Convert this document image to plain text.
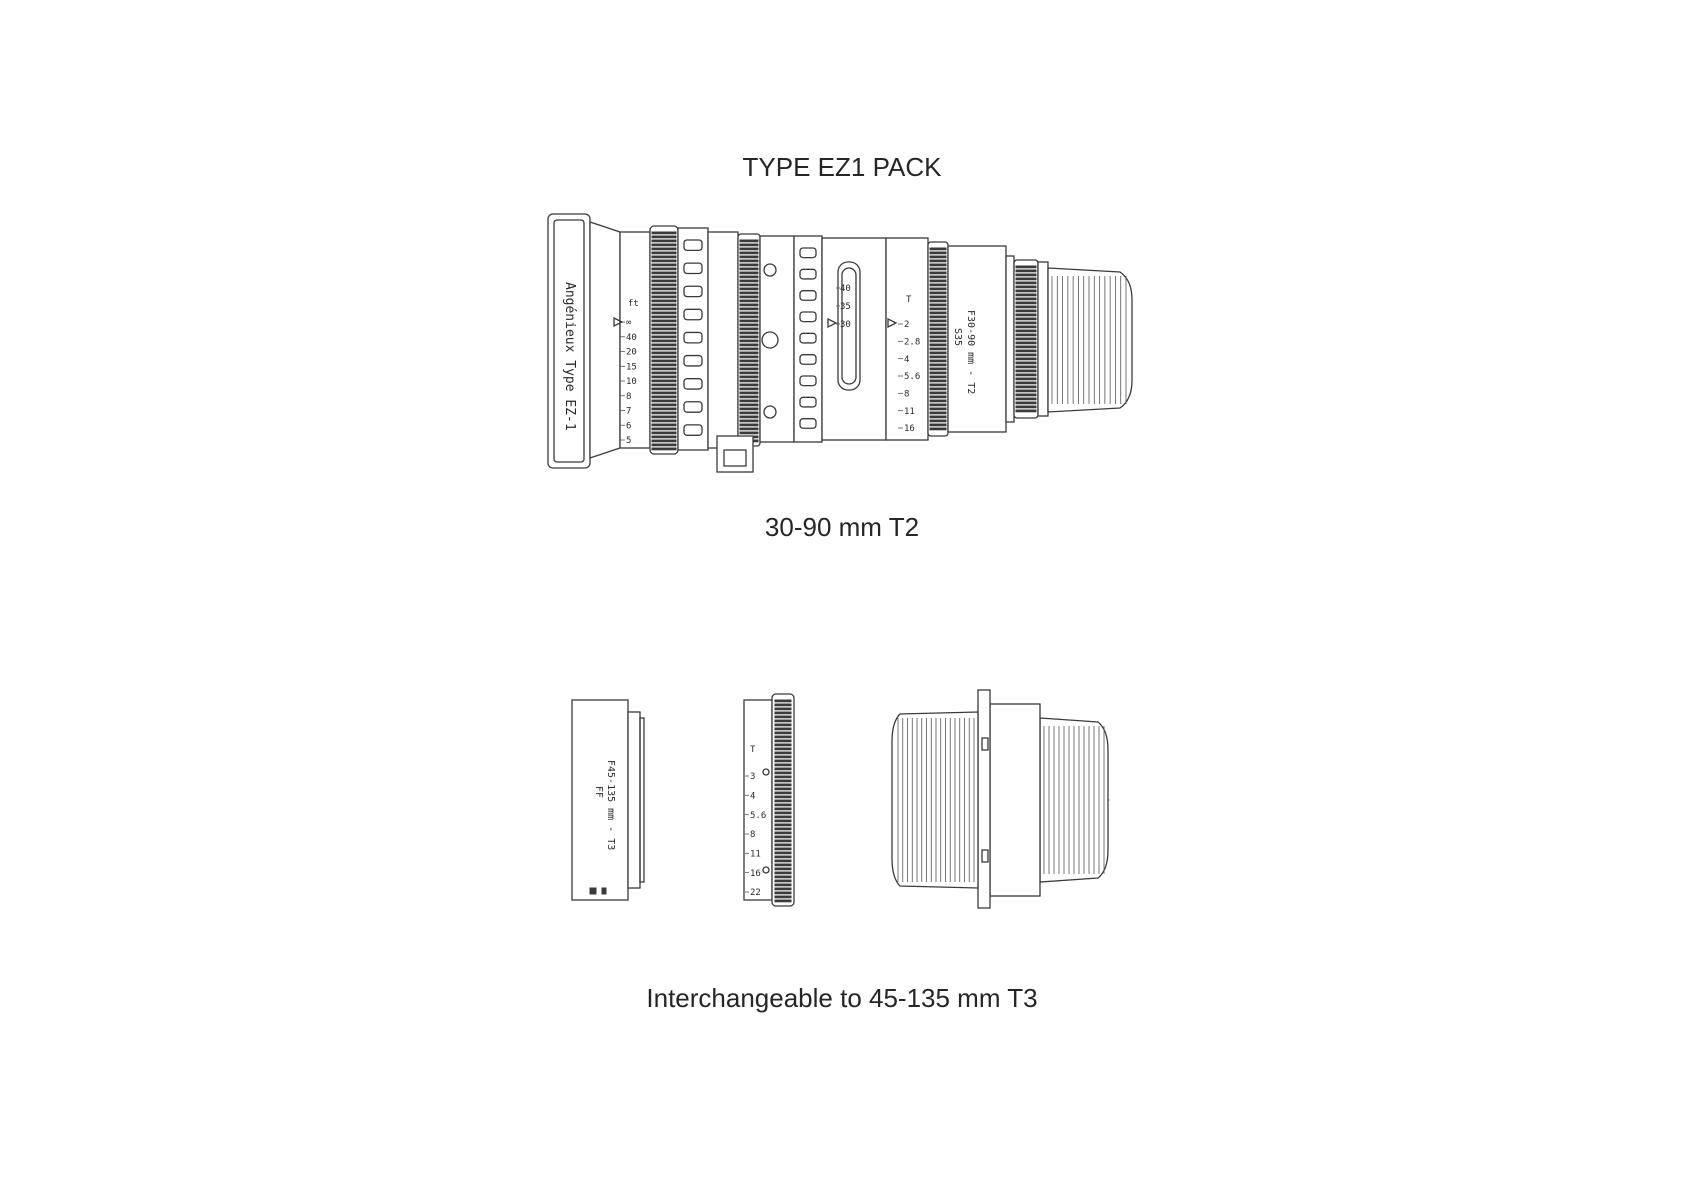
TYPE EZ1 PACK
Angénieux Type EZ-1	ft
∞
40
20
15
10
8
7
6
5
40
35
30
T
2
2.8
4
5.6
8
11
16
F30-90 mm - T2
S35
F45-135 mm - T3
FF
T
3
4
5.6
8
11
16
22
30-90 mm T2
Interchangeable to 45-135 mm T3
